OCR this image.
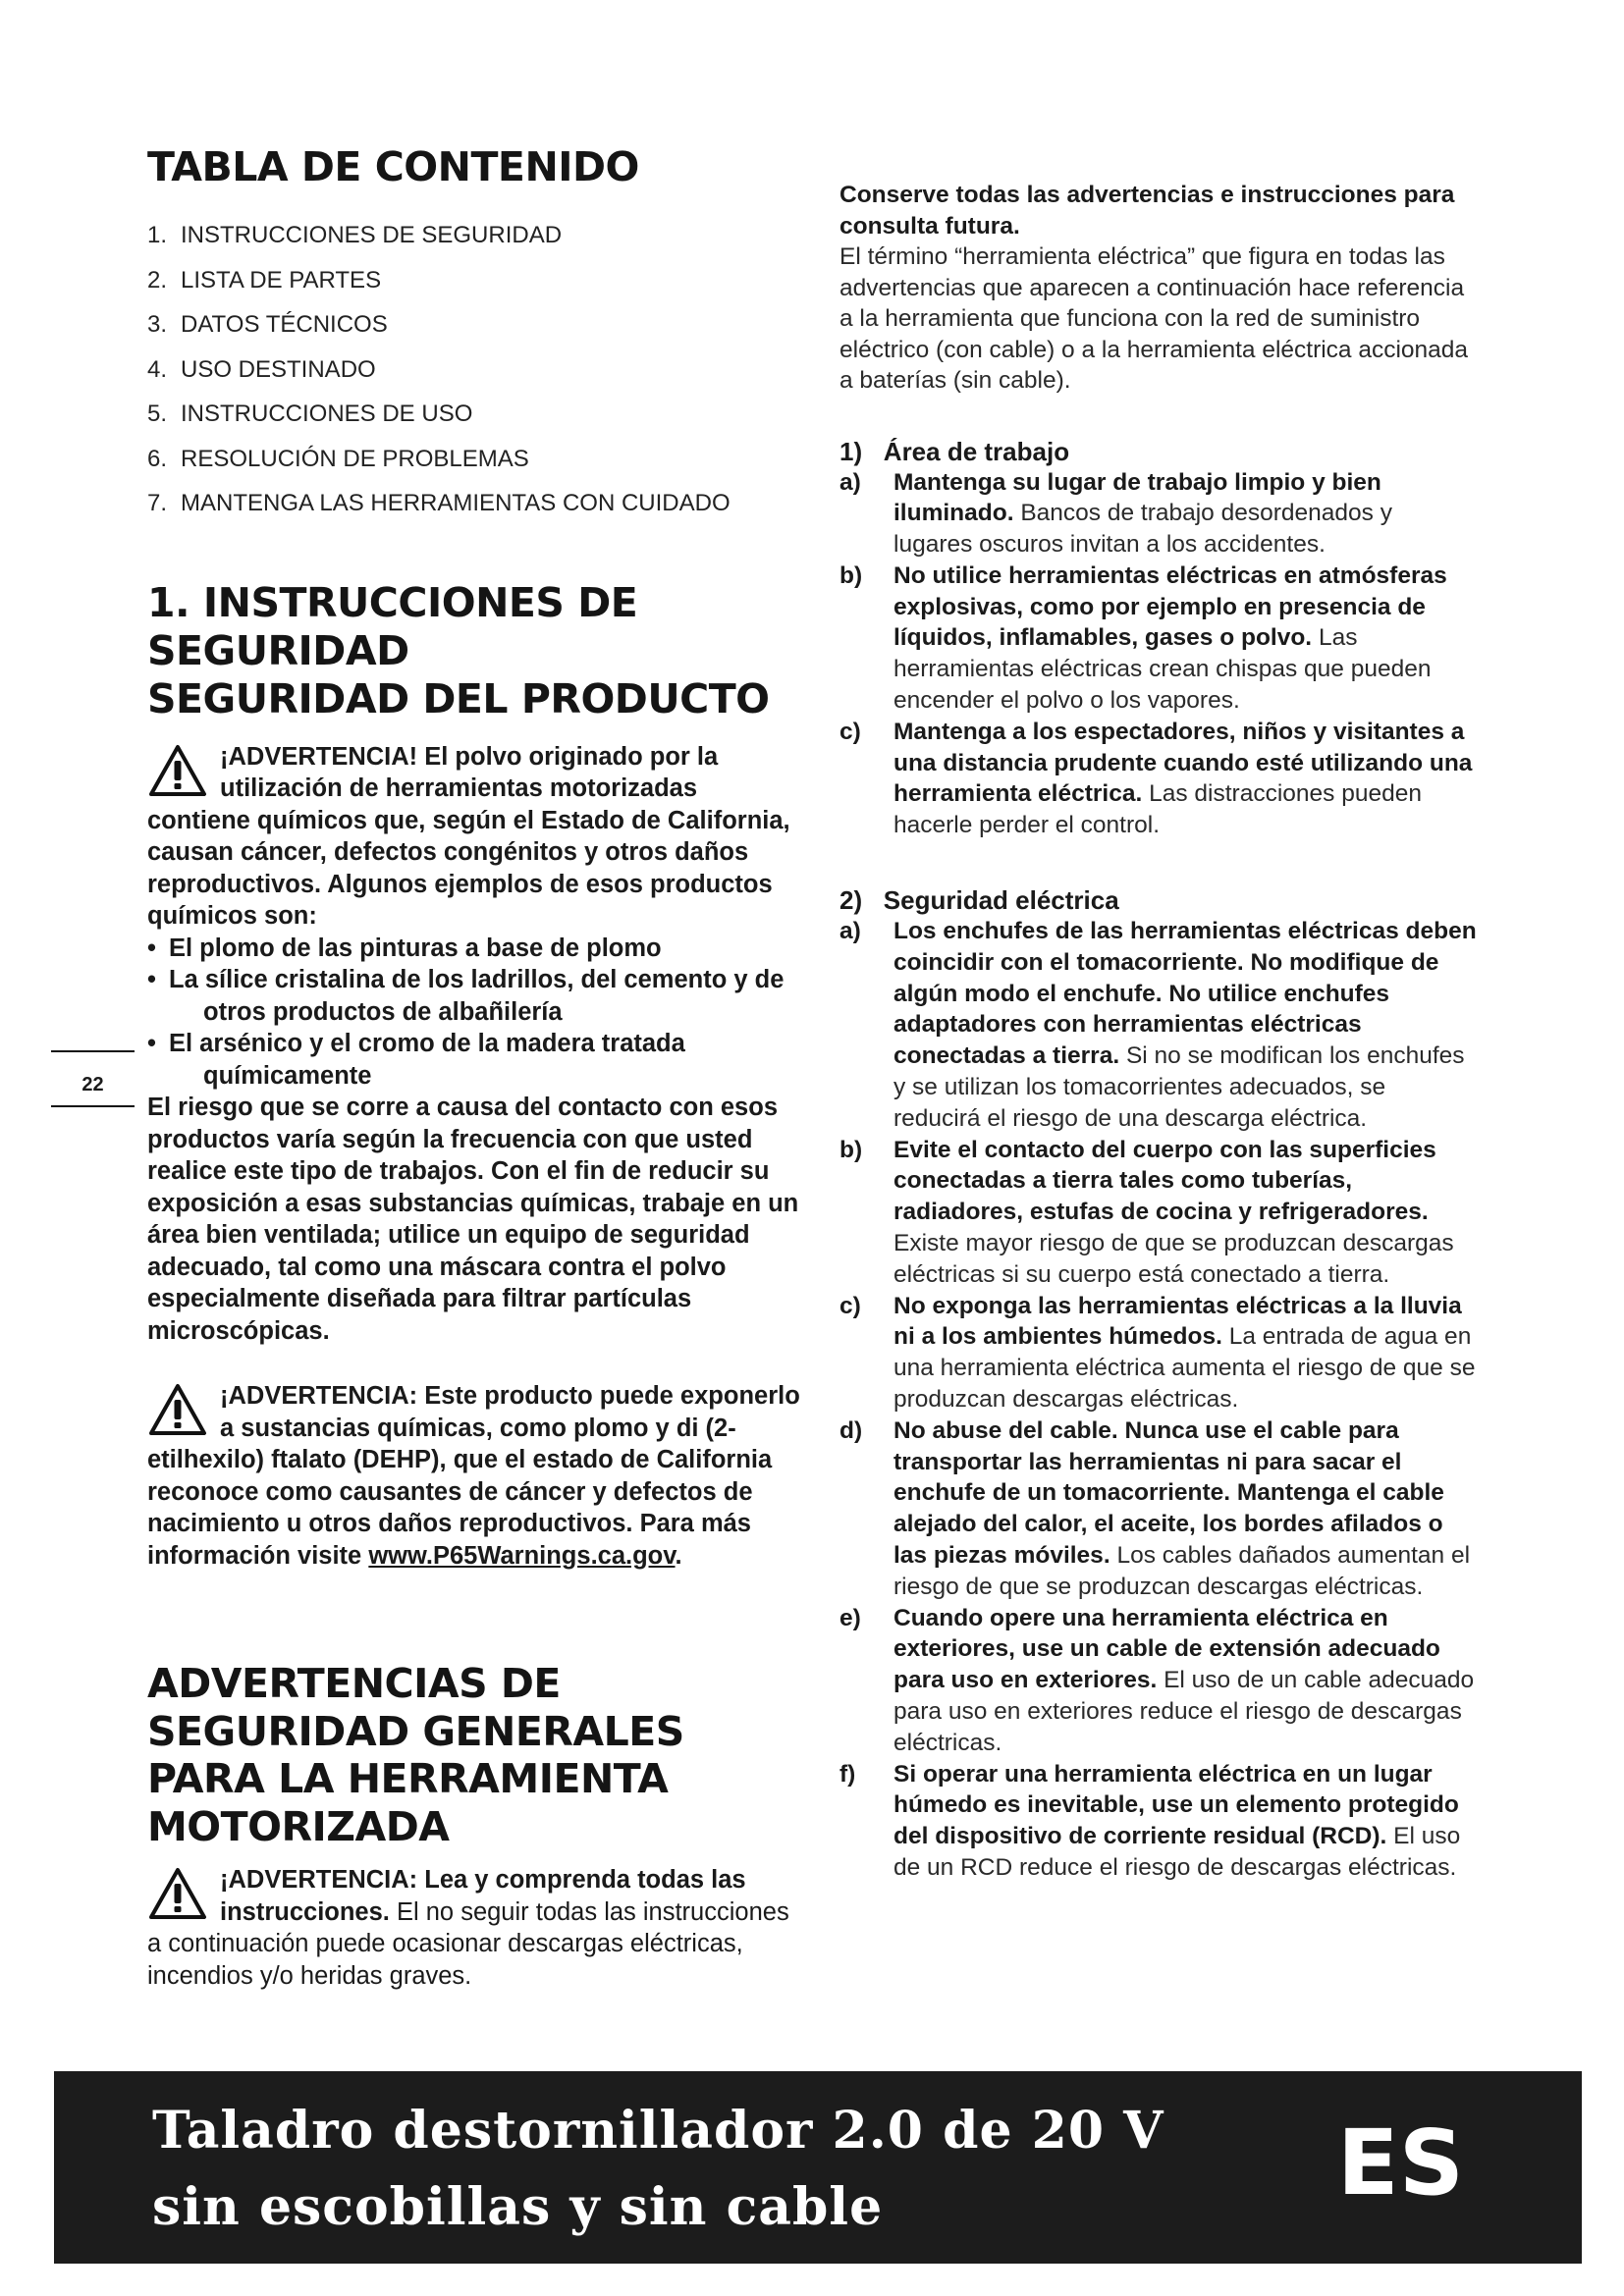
TABLA DE CONTENIDO
1. INSTRUCCIONES DE SEGURIDAD
2. LISTA DE PARTES
3. DATOS TÉCNICOS
4. USO DESTINADO
5. INSTRUCCIONES DE USO
6. RESOLUCIÓN DE PROBLEMAS
7. MANTENGA LAS HERRAMIENTAS CON CUIDADO
1. INSTRUCCIONES DE
SEGURIDAD
SEGURIDAD DEL PRODUCTO
¡ADVERTENCIA! El polvo originado por la utilización de herramientas motorizadas contiene químicos que, según el Estado de California, causan cáncer, defectos congénitos y otros daños reproductivos. Algunos ejemplos de esos productos químicos son:
• El plomo de las pinturas a base de plomo
• La sílice cristalina de los ladrillos, del cemento y de otros productos de albañilería
• El arsénico y el cromo de la madera tratada químicamente
El riesgo que se corre a causa del contacto con esos productos varía según la frecuencia con que usted realice este tipo de trabajos. Con el fin de reducir su exposición a esas substancias químicas, trabaje en un área bien ventilada; utilice un equipo de seguridad adecuado, tal como una máscara contra el polvo especialmente diseñada para filtrar partículas microscópicas.
¡ADVERTENCIA: Este producto puede exponerlo a sustancias químicas, como plomo y di (2-etilhexilo) ftalato (DEHP), que el estado de California reconoce como causantes de cáncer y defectos de nacimiento u otros daños reproductivos. Para más información visite www.P65Warnings.ca.gov.
ADVERTENCIAS DE
SEGURIDAD GENERALES
PARA LA HERRAMIENTA
MOTORIZADA
¡ADVERTENCIA: Lea y comprenda todas las instrucciones. El no seguir todas las instrucciones a continuación puede ocasionar descargas eléctricas, incendios y/o heridas graves.
22

Conserve todas las advertencias e instrucciones para consulta futura.
El término “herramienta eléctrica” que figura en todas las advertencias que aparecen a continuación hace referencia a la herramienta que funciona con la red de suministro eléctrico (con cable) o a la herramienta eléctrica accionada a baterías (sin cable).

1)   Área de trabajo
a) Mantenga su lugar de trabajo limpio y bien iluminado. Bancos de trabajo desordenados y lugares oscuros invitan a los accidentes.
b) No utilice herramientas eléctricas en atmósferas explosivas, como por ejemplo en presencia de líquidos, inflamables, gases o polvo. Las herramientas eléctricas crean chispas que pueden encender el polvo o los vapores.
c) Mantenga a los espectadores, niños y visitantes a una distancia prudente cuando esté utilizando una herramienta eléctrica. Las distracciones pueden hacerle perder el control.
2)   Seguridad eléctrica
a) Los enchufes de las herramientas eléctricas deben coincidir con el tomacorriente. No modifique de algún modo el enchufe. No utilice enchufes adaptadores con herramientas eléctricas conectadas a tierra. Si no se modifican los enchufes y se utilizan los tomacorrientes adecuados, se reducirá el riesgo de una descarga eléctrica.
b) Evite el contacto del cuerpo con las superficies conectadas a tierra tales como tuberías, radiadores, estufas de cocina y refrigeradores. Existe mayor riesgo de que se produzcan descargas eléctricas si su cuerpo está conectado a tierra.
c) No exponga las herramientas eléctricas a la lluvia ni a los ambientes húmedos. La entrada de agua en una herramienta eléctrica aumenta el riesgo de que se produzcan descargas eléctricas.
d) No abuse del cable. Nunca use el cable para transportar las herramientas ni para sacar el enchufe de un tomacorriente. Mantenga el cable alejado del calor, el aceite, los bordes afilados o las piezas móviles. Los cables dañados aumentan el riesgo de que se produzcan descargas eléctricas.
e) Cuando opere una herramienta eléctrica en exteriores, use un cable de extensión adecuado para uso en exteriores. El uso de un cable adecuado para uso en exteriores reduce el riesgo de descargas eléctricas.
f) Si operar una herramienta eléctrica en un lugar húmedo es inevitable, use un elemento protegido del dispositivo de corriente residual (RCD). El uso de un RCD reduce el riesgo de descargas eléctricas.
Taladro destornillador 2.0 de 20 V
sin escobillas y sin cable	ES
